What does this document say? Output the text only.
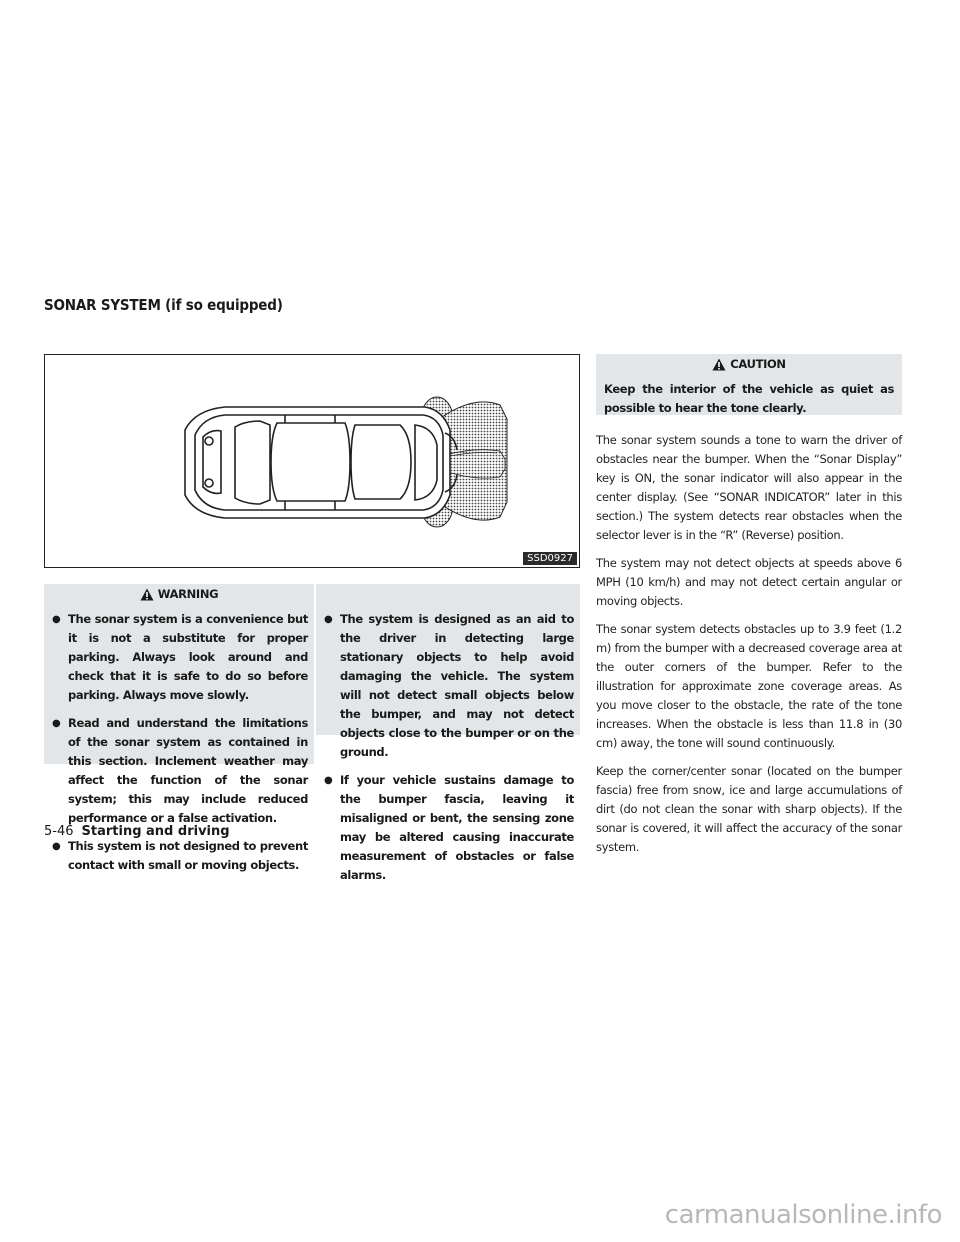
SONAR SYSTEM (if so equipped)
SSD0927
WARNING
● The sonar system is a convenience but it is not a substitute for proper parking. Always look around and check that it is safe to do so before parking. Always move slowly.
● Read and understand the limitations of the sonar system as contained in this section. Inclement weather may affect the function of the sonar system; this may include reduced performance or a false activation.
● This system is not designed to prevent contact with small or moving objects.
● The system is designed as an aid to the driver in detecting large stationary objects to help avoid damaging the vehicle. The system will not detect small objects below the bumper, and may not detect objects close to the bumper or on the ground.
● If your vehicle sustains damage to the bumper fascia, leaving it misaligned or bent, the sensing zone may be altered causing inaccurate measurement of obstacles or false alarms.
CAUTION

Keep the interior of the vehicle as quiet as possible to hear the tone clearly.

The sonar system sounds a tone to warn the driver of obstacles near the bumper. When the “Sonar Display” key is ON, the sonar indicator will also appear in the center display. (See “SONAR INDICATOR” later in this section.) The system detects rear obstacles when the selector lever is in the “R” (Reverse) position.

The system may not detect objects at speeds above 6 MPH (10 km/h) and may not detect certain angular or moving objects.

The sonar system detects obstacles up to 3.9 feet (1.2 m) from the bumper with a decreased coverage area at the outer corners of the bumper. Refer to the illustration for approximate zone coverage areas. As you move closer to the obstacle, the rate of the tone increases. When the obstacle is less than 11.8 in (30 cm) away, the tone will sound continuously.

Keep the corner/center sonar (located on the bumper fascia) free from snow, ice and large accumulations of dirt (do not clean the sonar with sharp objects). If the sonar is covered, it will affect the accuracy of the sonar system.

5-46 Starting and driving
carmanualsonline.info
